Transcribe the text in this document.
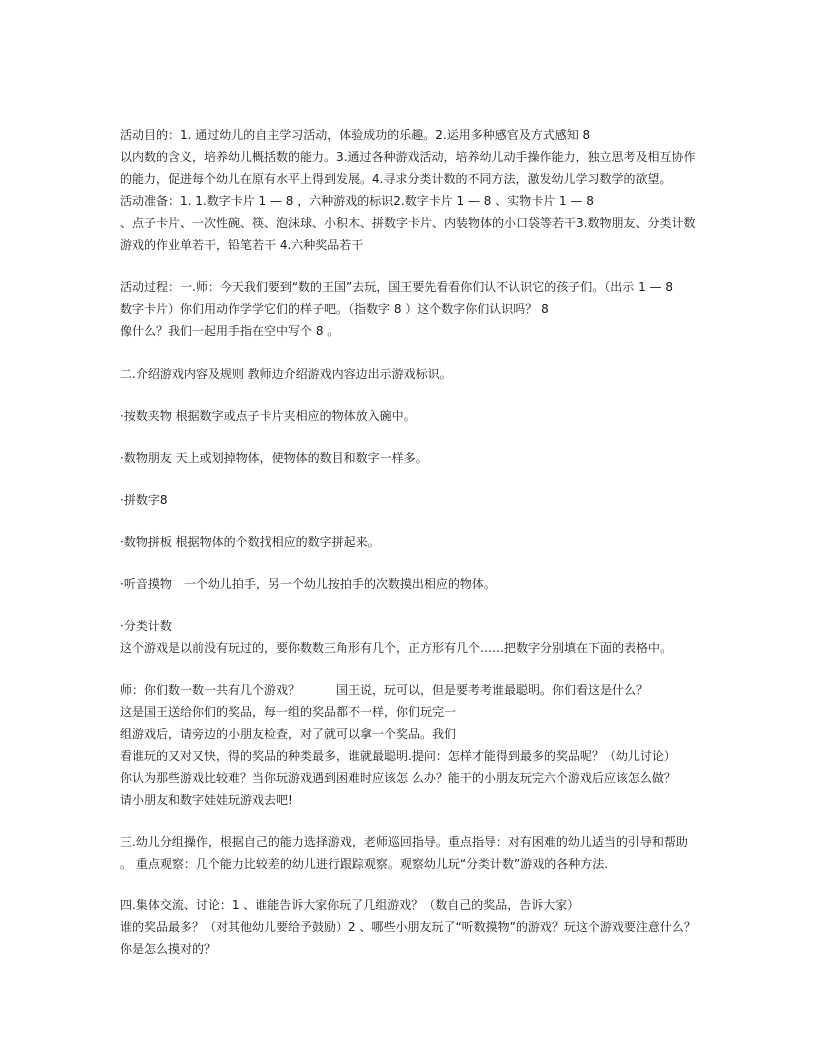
活动目的：1. 通过幼儿的自主学习活动，体验成功的乐趣。2.运用多种感官及方式感知 8
以内数的含义，培养幼儿概括数的能力。3.通过各种游戏活动，培养幼儿动手操作能力，独立思考及相互协作
的能力，促进每个幼儿在原有水平上得到发展。4.寻求分类计数的不同方法，激发幼儿学习数学的欲望。
活动准备：1. 1.数字卡片 1 — 8 ，六种游戏的标识2.数字卡片 1 — 8 、实物卡片 1 — 8
、点子卡片、一次性碗、筷、泡沫球、小积木、拼数字卡片、内装物体的小口袋等若干3.数物朋友、分类计数
游戏的作业单若干，铅笔若干 4.六种奖品若干
活动过程：一.师：今天我们要到“数的王国”去玩，国王要先看看你们认不认识它的孩子们。（出示 1 — 8
数字卡片）你们用动作学学它们的样子吧。（指数字 8 ）这个数字你们认识吗？ 8
像什么？我们一起用手指在空中写个 8 。
二.介绍游戏内容及规则 教师边介绍游戏内容边出示游戏标识。
·按数夹物 根据数字或点子卡片夹相应的物体放入碗中。
·数物朋友 天上或划掉物体，使物体的数目和数字一样多。
·拼数字8
·数物拼板 根据物体的个数找相应的数字拼起来。
·听音摸物　一个幼儿拍手，另一个幼儿按拍手的次数摸出相应的物体。
·分类计数
这个游戏是以前没有玩过的，要你数数三角形有几个，正方形有几个……把数字分别填在下面的表格中。
师：你们数一数一共有几个游戏？　　　国王说，玩可以，但是要考考谁最聪明。你们看这是什么？
这是国王送给你们的奖品，每一组的奖品都不一样，你们玩完一
组游戏后，请旁边的小朋友检查，对了就可以拿一个奖品。我们
看谁玩的又对又快，得的奖品的种类最多，谁就最聪明.提问：怎样才能得到最多的奖品呢？（幼儿讨论）
你认为那些游戏比较难？当你玩游戏遇到困难时应该怎 么办？能干的小朋友玩完六个游戏后应该怎么做？
请小朋友和数字娃娃玩游戏去吧!
三.幼儿分组操作，根据自己的能力选择游戏，老师巡回指导。重点指导：对有困难的幼儿适当的引导和帮助
。 重点观察：几个能力比较差的幼儿进行跟踪观察。观察幼儿玩“分类计数”游戏的各种方法.
四.集体交流、讨论：1 、谁能告诉大家你玩了几组游戏？（数自己的奖品，告诉大家）
谁的奖品最多？（对其他幼儿要给予鼓励）2 、哪些小朋友玩了“听数摸物”的游戏？玩这个游戏要注意什么？
你是怎么摸对的？
